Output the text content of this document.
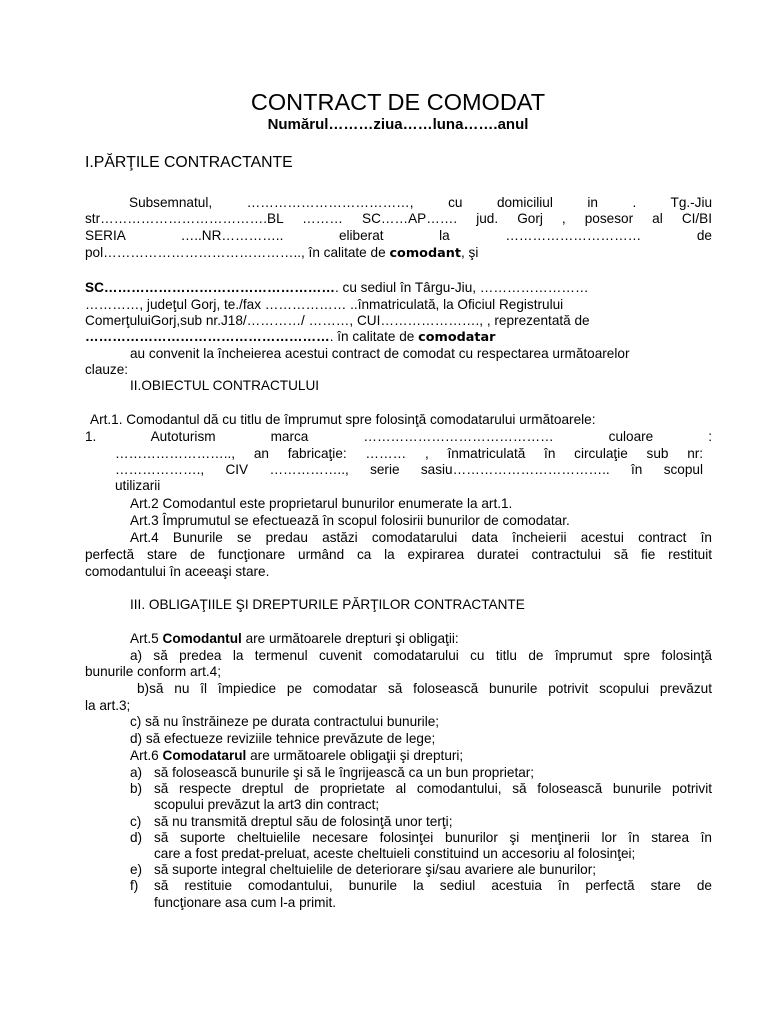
CONTRACT DE COMODAT
Numărul………ziua……luna…….anul
I.PĂRŢILE CONTRACTANTE
Subsemnatul,	………………………………,	cu	domiciliul	in	.	Tg.-Jiu
str……………………………….BL ……… SC……AP……. jud. Gorj , posesor al CI/BI
SERIA	…..NR…………..	eliberat	la	…………………………	de
pol…………………………………….., în calitate de comodant, şi
SC……………………………………………. cu sediul în Târgu-Jiu, ……………………
…………, judeţul Gorj, te./fax ……………… ..înmatriculată, la Oficiul Registrului
ComerţuluiGorj,sub nr.J18/…………/ ………, CUI…………………., , reprezentată de
………………………………………………. în calitate de comodatar
au convenit la încheierea acestui contract de comodat cu respectarea următoarelor
clauze:
II.OBIECTUL CONTRACTULUI
Art.1. Comodantul dă cu titlu de împrumut spre folosinţă comodatarului următoarele:
1.	Autoturism	marca	……………………………………	culoare	:
…………………….., an fabricaţie: ……… , înmatriculată în circulaţie sub nr:
………………., CIV …………….., serie sasiu…………………………….. în scopul
utilizarii
Art.2 Comodantul este proprietarul bunurilor enumerate la art.1.
Art.3 Împrumutul se efectuează în scopul folosirii bunurilor de comodatar.
Art.4 Bunurile se predau astăzi comodatarului data încheierii acestui contract în
perfectă stare de funcţionare urmând ca la expirarea duratei contractului să fie restituit
comodantului în aceeaşi stare.
III. OBLIGAŢIILE ŞI DREPTURILE PĂRŢILOR CONTRACTANTE
Art.5 Comodantul are următoarele drepturi şi obligaţii:
a) să predea la termenul cuvenit comodatarului cu titlu de împrumut spre folosinţă
bunurile conform art.4;
b)să nu îl împiedice pe comodatar să folosească bunurile potrivit scopului prevăzut
la art.3;
c) să nu înstrăineze pe durata contractului bunurile;
d) să efectueze reviziile tehnice prevăzute de lege;
Art.6 Comodatarul are următoarele obligaţii şi drepturi;
a) să folosească bunurile şi să le îngrijească ca un bun proprietar;
b) să respecte dreptul de proprietate al comodantului, să folosească bunurile potrivit
scopului prevăzut la art3 din contract;
c) să nu transmită dreptul său de folosinţă unor terţi;
d) să suporte cheltuielile necesare folosinţei bunurilor şi menţinerii lor în starea în
care a fost predat-preluat, aceste cheltuieli constituind un accesoriu al folosinţei;
e) să suporte integral cheltuielile de deteriorare şi/sau avariere ale bunurilor;
f)	să restituie comodantului, bunurile la sediul acestuia în perfectă stare de
funcţionare asa cum l-a primit.
